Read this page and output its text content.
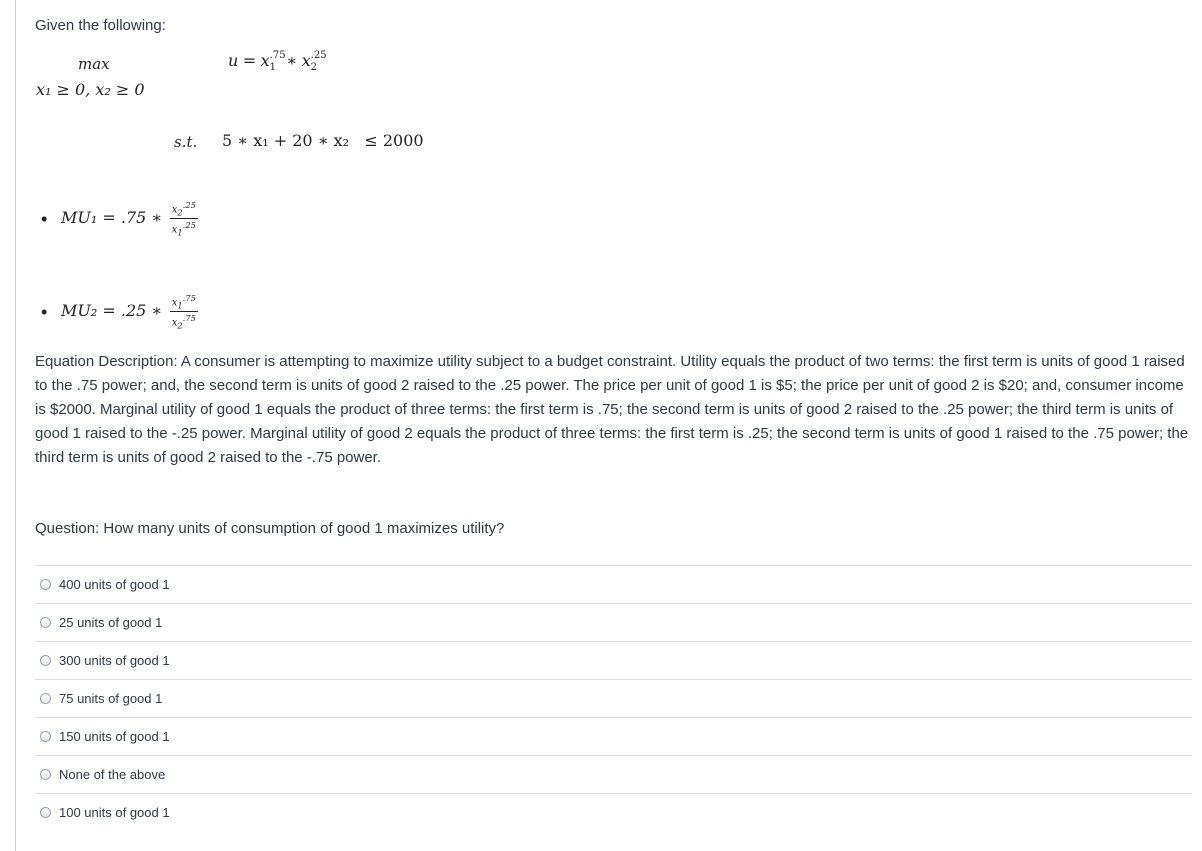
Given the following:
max	$u = x^{.75}_1$ ∗ $x^{.25}_2$
x₁ ≥ 0, x₂ ≥ 0
s.t. 5 ∗ x₁ + 20 ∗ x₂   ≤ 2000
• MU₁ = .75 ∗ $\frac{x_2^{.25}}{x_1^{.25}}$
• MU₂ = .25 ∗ $\frac{x_1^{.75}}{x_2^{.75}}$
Equation Description: A consumer is attempting to maximize utility subject to a budget constraint. Utility equals the product of two terms: the first term is units of good 1 raised to the .75 power; and, the second term is units of good 2 raised to the .25 power. The price per unit of good 1 is $5; the price per unit of good 2 is $20; and, consumer income is $2000. Marginal utility of good 1 equals the product of three terms: the first term is .75; the second term is units of good 2 raised to the .25 power; the third term is units of good 1 raised to the -.25 power. Marginal utility of good 2 equals the product of three terms: the first term is .25; the second term is units of good 1 raised to the .75 power; the third term is units of good 2 raised to the -.75 power.
Question: How many units of consumption of good 1 maximizes utility?
400 units of good 1
25 units of good 1
300 units of good 1
75 units of good 1
150 units of good 1
None of the above
100 units of good 1
